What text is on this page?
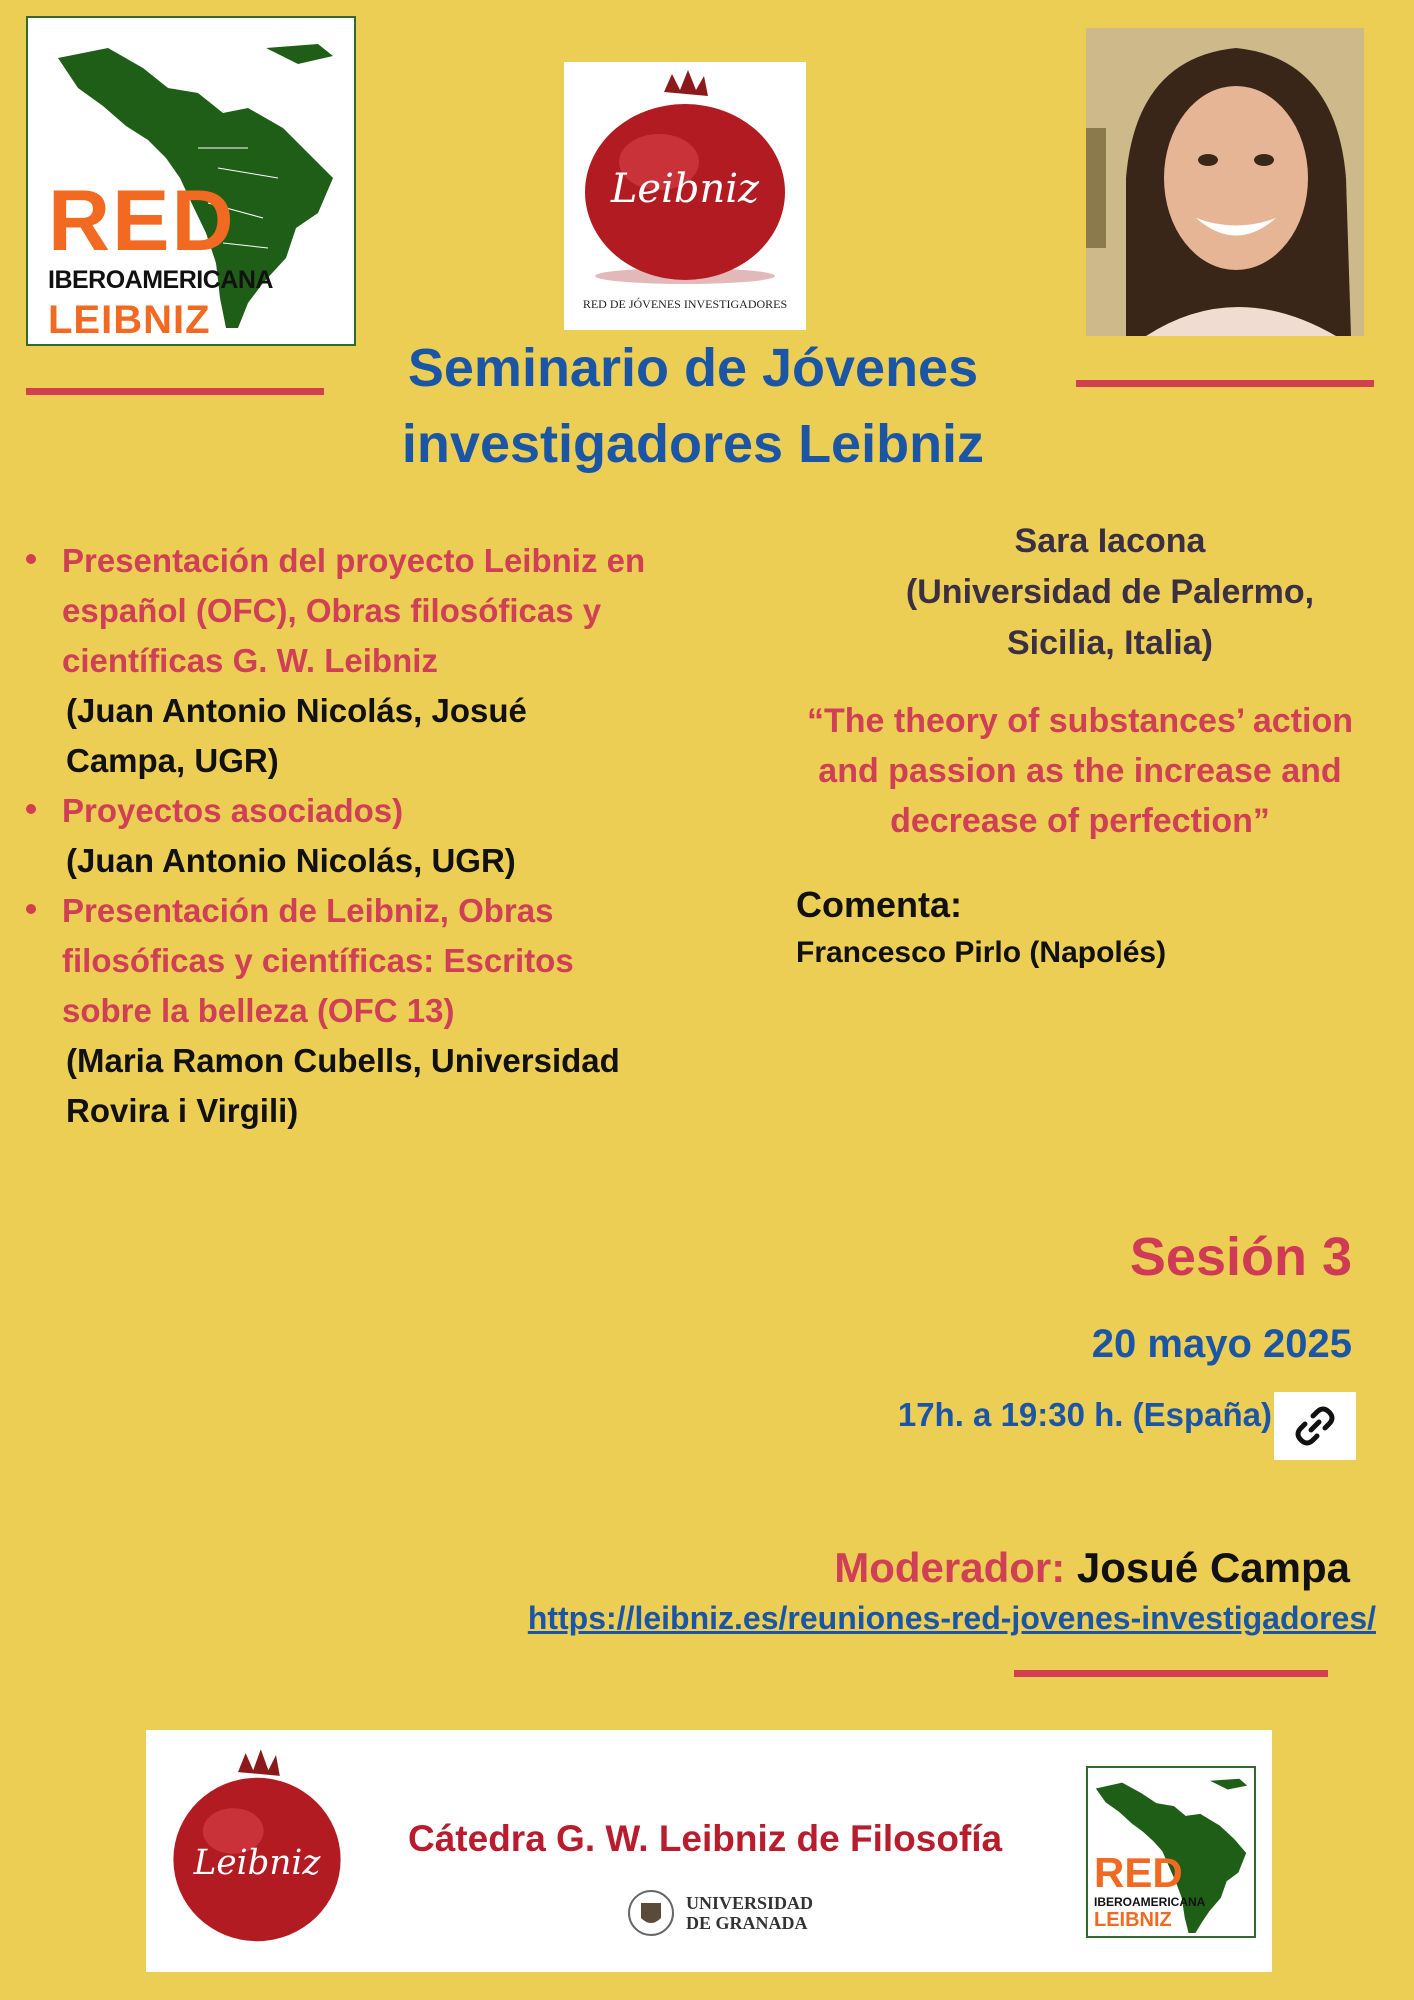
RED
IBEROAMERICANA
LEIBNIZ
Leibniz
RED DE JÓVENES INVESTIGADORES
Seminario de Jóvenes
investigadores Leibniz
Presentación del proyecto Leibniz en español (OFC), Obras filosóficas y científicas G. W. Leibniz
(Juan Antonio Nicolás, Josué Campa, UGR)
Proyectos asociados)
(Juan Antonio Nicolás, UGR)
Presentación de Leibniz, Obras filosóficas y científicas: Escritos sobre la belleza (OFC 13)
(Maria Ramon Cubells, Universidad Rovira i Virgili)
Sara Iacona
(Universidad de Palermo,
Sicilia, Italia)
“The theory of substances’ action
and passion as the increase and
decrease of perfection”
Comenta:
Francesco Pirlo (Napolés)
Sesión 3
20 mayo 2025
17h. a 19:30 h. (España)
Moderador: Josué Campa
https://leibniz.es/reuniones-red-jovenes-investigadores/
Leibniz
Cátedra G. W. Leibniz de Filosofía
UNIVERSIDAD
DE GRANADA
RED
IBEROAMERICANA
LEIBNIZ
